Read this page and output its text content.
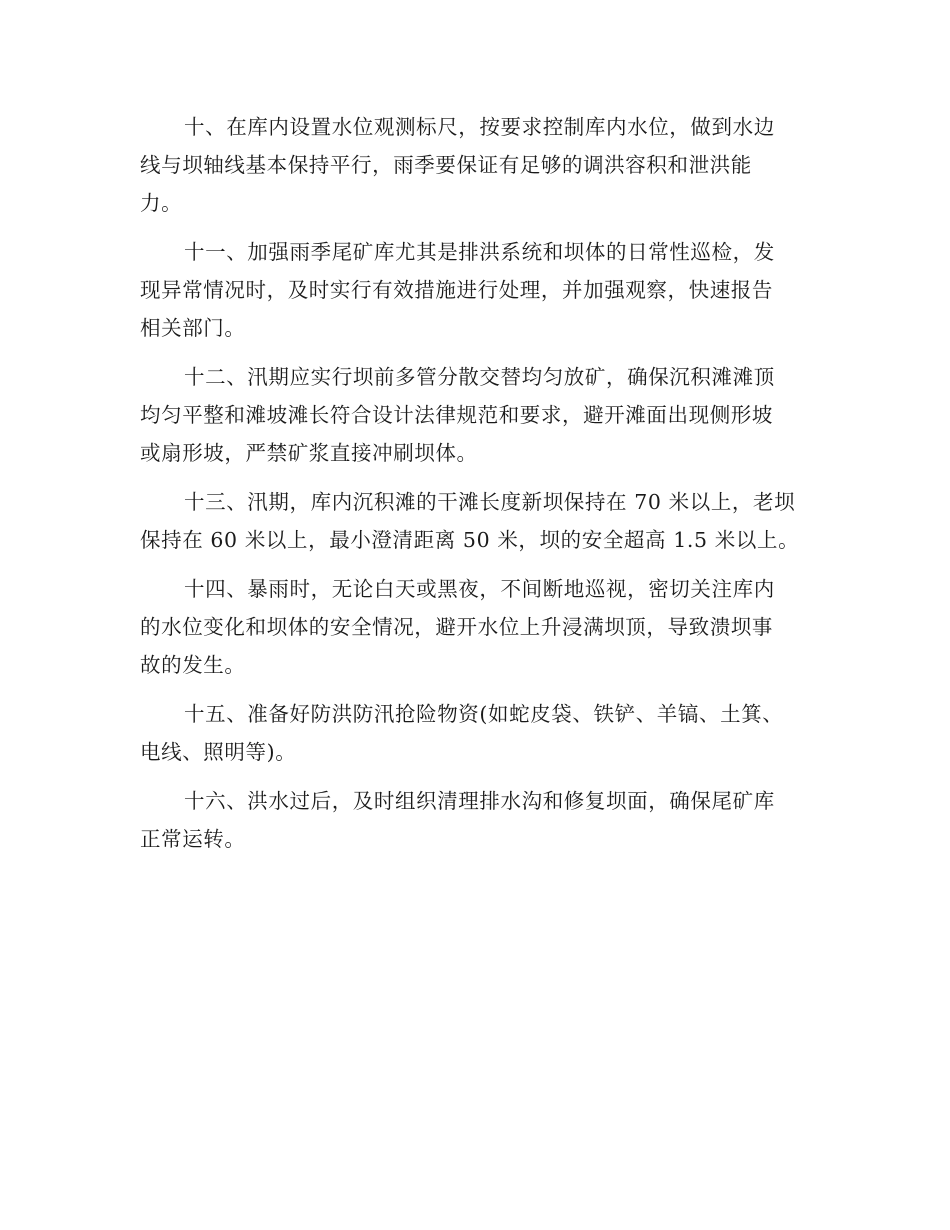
十、在库内设置水位观测标尺，按要求控制库内水位，做到水边
线与坝轴线基本保持平行，雨季要保证有足够的调洪容积和泄洪能
力。
十一、加强雨季尾矿库尤其是排洪系统和坝体的日常性巡检，发
现异常情况时，及时实行有效措施进行处理，并加强观察，快速报告
相关部门。
十二、汛期应实行坝前多管分散交替均匀放矿，确保沉积滩滩顶
均匀平整和滩坡滩长符合设计法律规范和要求，避开滩面出现侧形坡
或扇形坡，严禁矿浆直接冲刷坝体。
十三、汛期，库内沉积滩的干滩长度新坝保持在 70 米以上，老坝
保持在 60 米以上，最小澄清距离 50 米，坝的安全超高 1.5 米以上。
十四、暴雨时，无论白天或黑夜，不间断地巡视，密切关注库内
的水位变化和坝体的安全情况，避开水位上升浸满坝顶，导致溃坝事
故的发生。
十五、准备好防洪防汛抢险物资(如蛇皮袋、铁铲、羊镐、土箕、
电线、照明等)。
十六、洪水过后，及时组织清理排水沟和修复坝面，确保尾矿库
正常运转。
